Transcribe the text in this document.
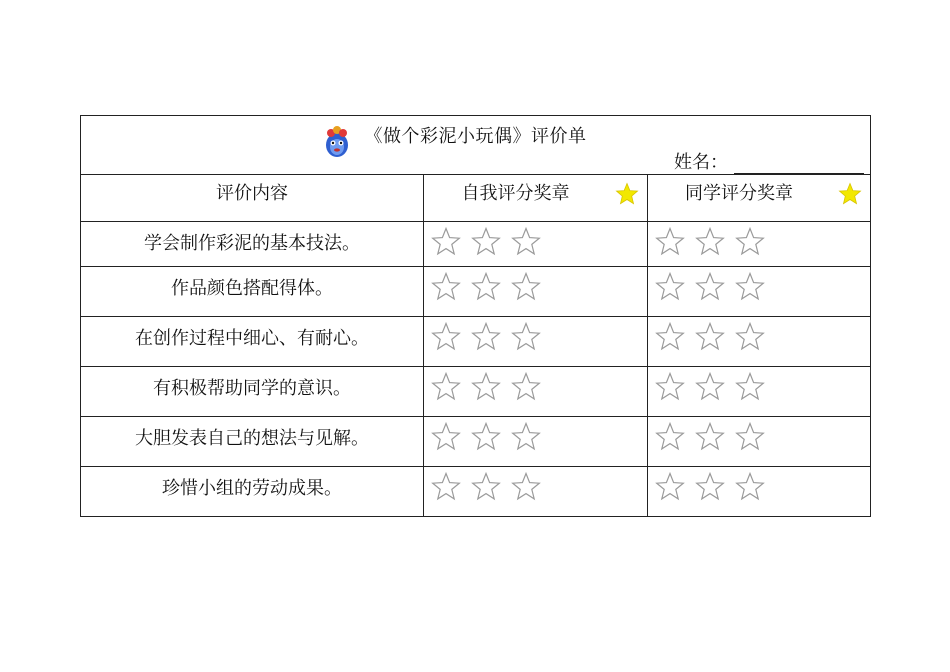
《做个彩泥小玩偶》评价单
姓名：
评价内容	自我评分奖章	同学评分奖章
学会制作彩泥的基本技法。
作品颜色搭配得体。
在创作过程中细心、有耐心。
有积极帮助同学的意识。
大胆发表自己的想法与见解。
珍惜小组的劳动成果。
